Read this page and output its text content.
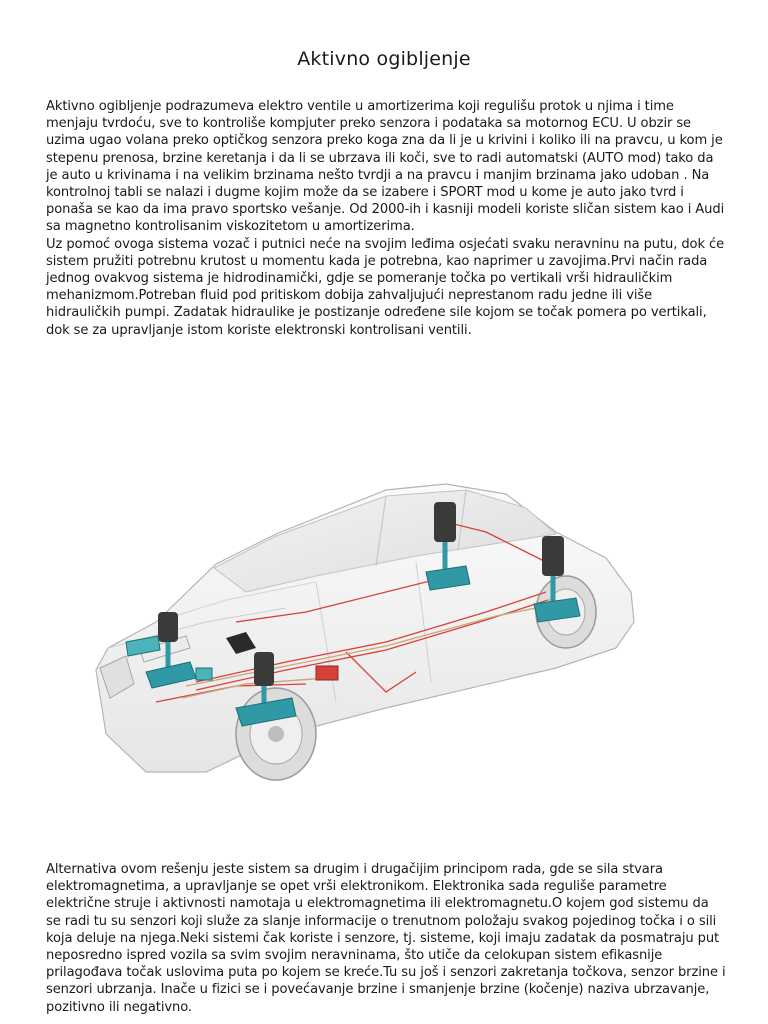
Aktivno ogibljenje

Aktivno ogibljenje podrazumeva elektro ventile u amortizerima koji regulišu protok u njima i time menjaju tvrdoću, sve to kontroliše kompjuter preko senzora i podataka sa motornog ECU. U obzir se uzima ugao volana preko optičkog senzora preko koga zna da li je u krivini i koliko ili na pravcu, u kom je stepenu prenosa, brzine keretanja i da li se ubrzava ili koči, sve to radi automatski (AUTO mod) tako da je auto u krivinama i na velikim brzinama nešto tvrdji a na pravcu i manjim brzinama jako udoban . Na kontrolnoj tabli se nalazi i dugme kojim može da se izabere i SPORT mod u kome je auto jako tvrd i ponaša se kao da ima pravo sportsko vešanje. Od 2000-ih i kasniji modeli koriste sličan sistem kao i Audi sa magnetno kontrolisanim viskozitetom u amortizerima.
Uz pomoć ovoga sistema vozač i putnici neće na svojim leđima osjećati svaku neravninu na putu, dok će sistem pružiti potrebnu krutost u momentu kada je potrebna, kao naprimer u zavojima.Prvi način rada jednog ovakvog sistema je hidrodinamički, gdje se pomeranje točka po vertikali vrši hidrauličkim mehanizmom.Potreban fluid pod pritiskom dobija zahvaljujući neprestanom radu jedne ili više hidrauličkih pumpi. Zadatak hidraulike je postizanje određene sile kojom se točak pomera po vertikali, dok se za upravljanje istom koriste elektronski kontrolisani ventili.

Alternativa ovom rešenju jeste sistem sa drugim i drugačijim principom rada, gde se sila stvara elektromagnetima, a upravljanje se opet vrši elektronikom. Elektronika sada reguliše parametre električne struje i aktivnosti namotaja u elektromagnetima ili elektromagnetu.O kojem god sistemu da se radi tu su senzori koji služe za slanje informacije o trenutnom položaju svakog pojedinog točka i o sili koja deluje na njega.Neki sistemi čak koriste i senzore, tj. sisteme, koji imaju zadatak da posmatraju put neposredno ispred vozila sa svim svojim neravninama, što utiče da celokupan sistem efikasnije prilagođava točak uslovima puta po kojem se kreće.Tu su još i senzori zakretanja točkova, senzor brzine i senzori ubrzanja. Inače u fizici se i povećavanje brzine i smanjenje brzine (kočenje) naziva ubrzavanje, pozitivno ili negativno.
